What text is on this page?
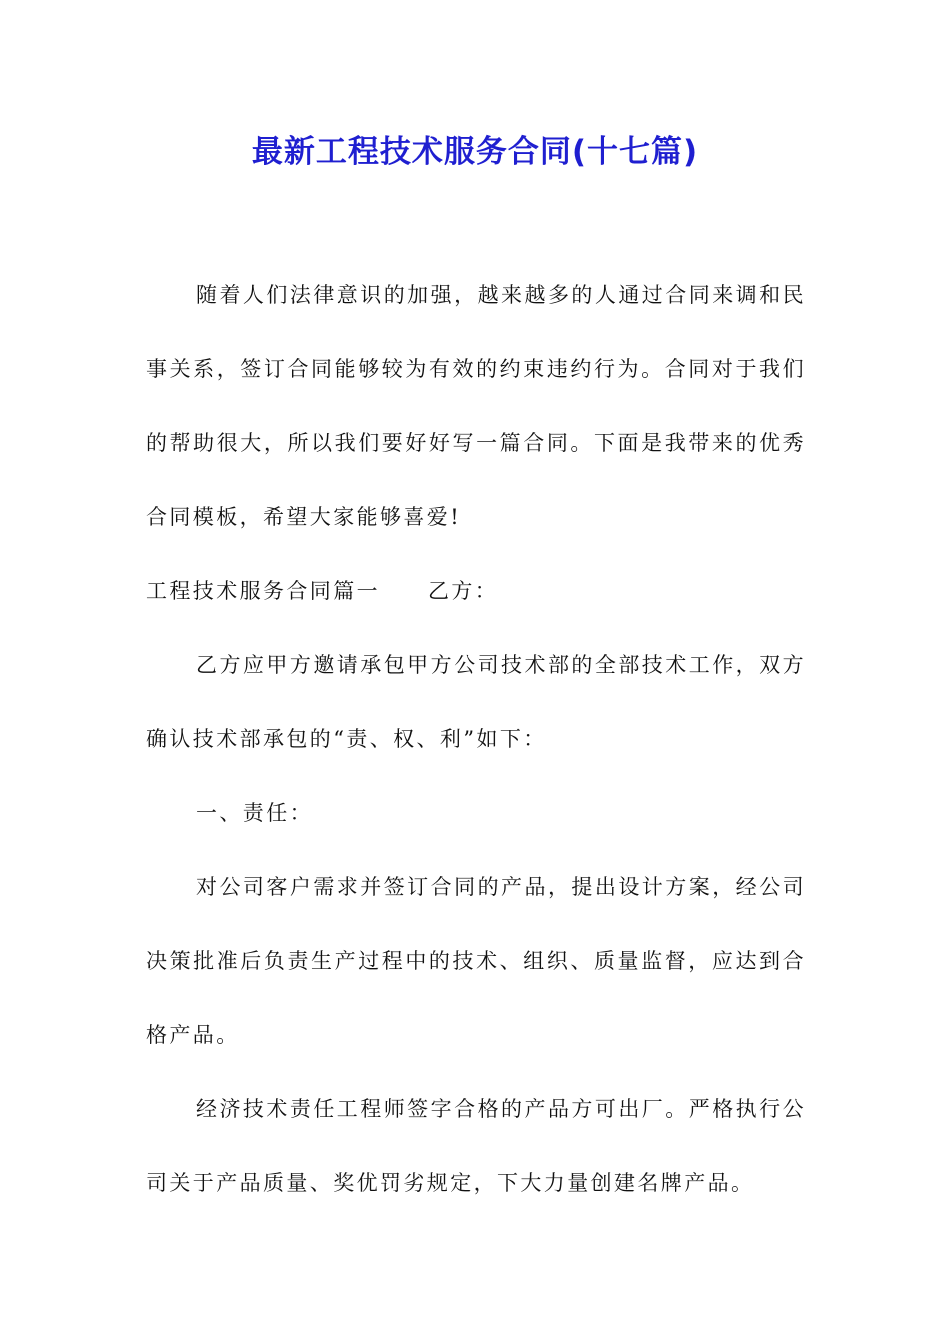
最新工程技术服务合同(十七篇)

随着人们法律意识的加强，越来越多的人通过合同来调和民事关系，签订合同能够较为有效的约束违约行为。合同对于我们的帮助很大，所以我们要好好写一篇合同。下面是我带来的优秀合同模板，希望大家能够喜爱!

工程技术服务合同篇一 乙方：

乙方应甲方邀请承包甲方公司技术部的全部技术工作，双方确认技术部承包的“责、权、利”如下：

一、责任：

对公司客户需求并签订合同的产品，提出设计方案，经公司决策批准后负责生产过程中的技术、组织、质量监督，应达到合格产品。

经济技术责任工程师签字合格的产品方可出厂。严格执行公司关于产品质量、奖优罚劣规定，下大力量创建名牌产品。
